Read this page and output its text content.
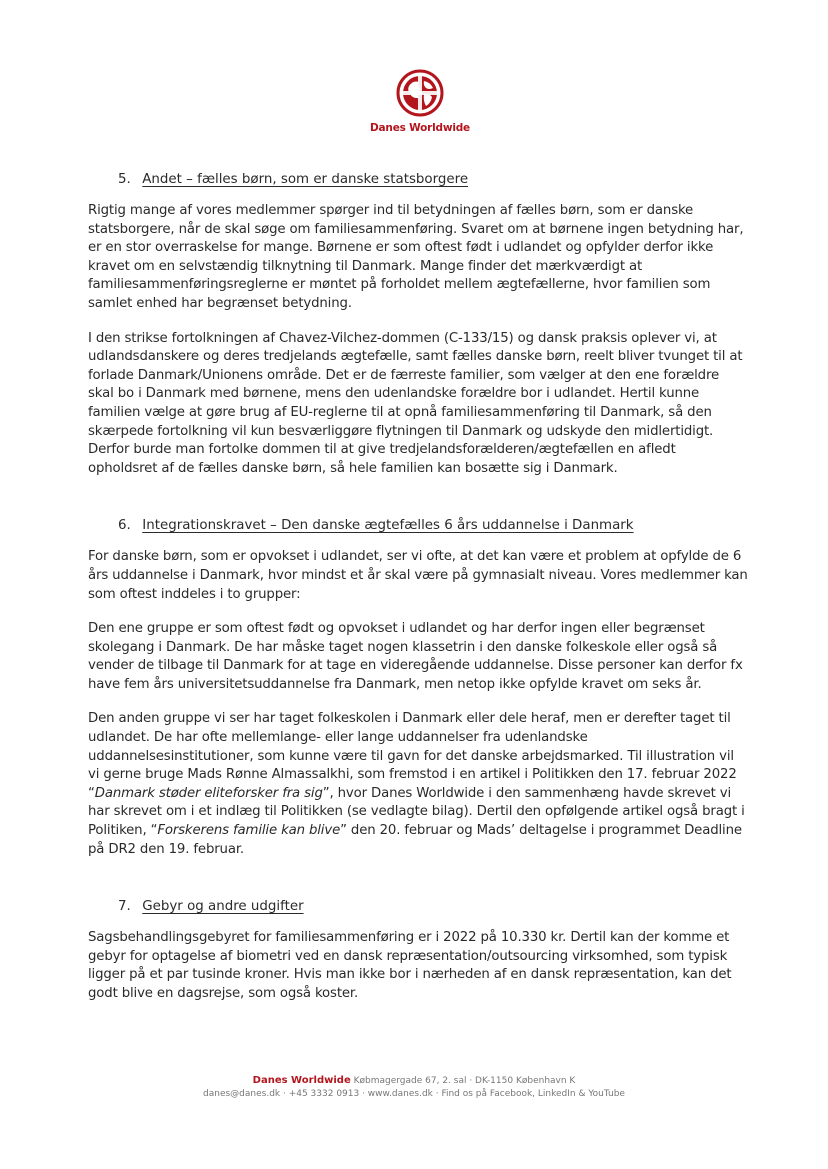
Danes Worldwide
5. Andet – fælles børn, som er danske statsborgere

Rigtig mange af vores medlemmer spørger ind til betydningen af fælles børn, som er danske statsborgere, når de skal søge om familiesammenføring. Svaret om at børnene ingen betydning har, er en stor overraskelse for mange. Børnene er som oftest født i udlandet og opfylder derfor ikke kravet om en selvstændig tilknytning til Danmark. Mange finder det mærkværdigt at familiesammenføringsreglerne er møntet på forholdet mellem ægtefællerne, hvor familien som samlet enhed har begrænset betydning.

I den strikse fortolkningen af Chavez-Vilchez-dommen (C-133/15) og dansk praksis oplever vi, at udlandsdanskere og deres tredjelands ægtefælle, samt fælles danske børn, reelt bliver tvunget til at forlade Danmark/Unionens område. Det er de færreste familier, som vælger at den ene forældre skal bo i Danmark med børnene, mens den udenlandske forældre bor i udlandet. Hertil kunne familien vælge at gøre brug af EU-reglerne til at opnå familiesammenføring til Danmark, så den skærpede fortolkning vil kun besværliggøre flytningen til Danmark og udskyde den midlertidigt. Derfor burde man fortolke dommen til at give tredjelandsforælderen/ægtefællen en afledt opholdsret af de fælles danske børn, så hele familien kan bosætte sig i Danmark.

6. Integrationskravet – Den danske ægtefælles 6 års uddannelse i Danmark

For danske børn, som er opvokset i udlandet, ser vi ofte, at det kan være et problem at opfylde de 6 års uddannelse i Danmark, hvor mindst et år skal være på gymnasialt niveau. Vores medlemmer kan som oftest inddeles i to grupper:

Den ene gruppe er som oftest født og opvokset i udlandet og har derfor ingen eller begrænset skolegang i Danmark. De har måske taget nogen klassetrin i den danske folkeskole eller også så vender de tilbage til Danmark for at tage en videregående uddannelse. Disse personer kan derfor fx have fem års universitetsuddannelse fra Danmark, men netop ikke opfylde kravet om seks år.

Den anden gruppe vi ser har taget folkeskolen i Danmark eller dele heraf, men er derefter taget til udlandet. De har ofte mellemlange- eller lange uddannelser fra udenlandske uddannelsesinstitutioner, som kunne være til gavn for det danske arbejdsmarked. Til illustration vil vi gerne bruge Mads Rønne Almassalkhi, som fremstod i en artikel i Politikken den 17. februar 2022 “Danmark støder eliteforsker fra sig”, hvor Danes Worldwide i den sammenhæng havde skrevet vi har skrevet om i et indlæg til Politikken (se vedlagte bilag). Dertil den opfølgende artikel også bragt i Politiken, “Forskerens familie kan blive” den 20. februar og Mads’ deltagelse i programmet Deadline på DR2 den 19. februar.

7. Gebyr og andre udgifter

Sagsbehandlingsgebyret for familiesammenføring er i 2022 på 10.330 kr. Dertil kan der komme et gebyr for optagelse af biometri ved en dansk repræsentation/outsourcing virksomhed, som typisk ligger på et par tusinde kroner. Hvis man ikke bor i nærheden af en dansk repræsentation, kan det godt blive en dagsrejse, som også koster.

Danes Worldwide Købmagergade 67, 2. sal · DK-1150 København K
danes@danes.dk · +45 3332 0913 · www.danes.dk · Find os på Facebook, LinkedIn & YouTube
